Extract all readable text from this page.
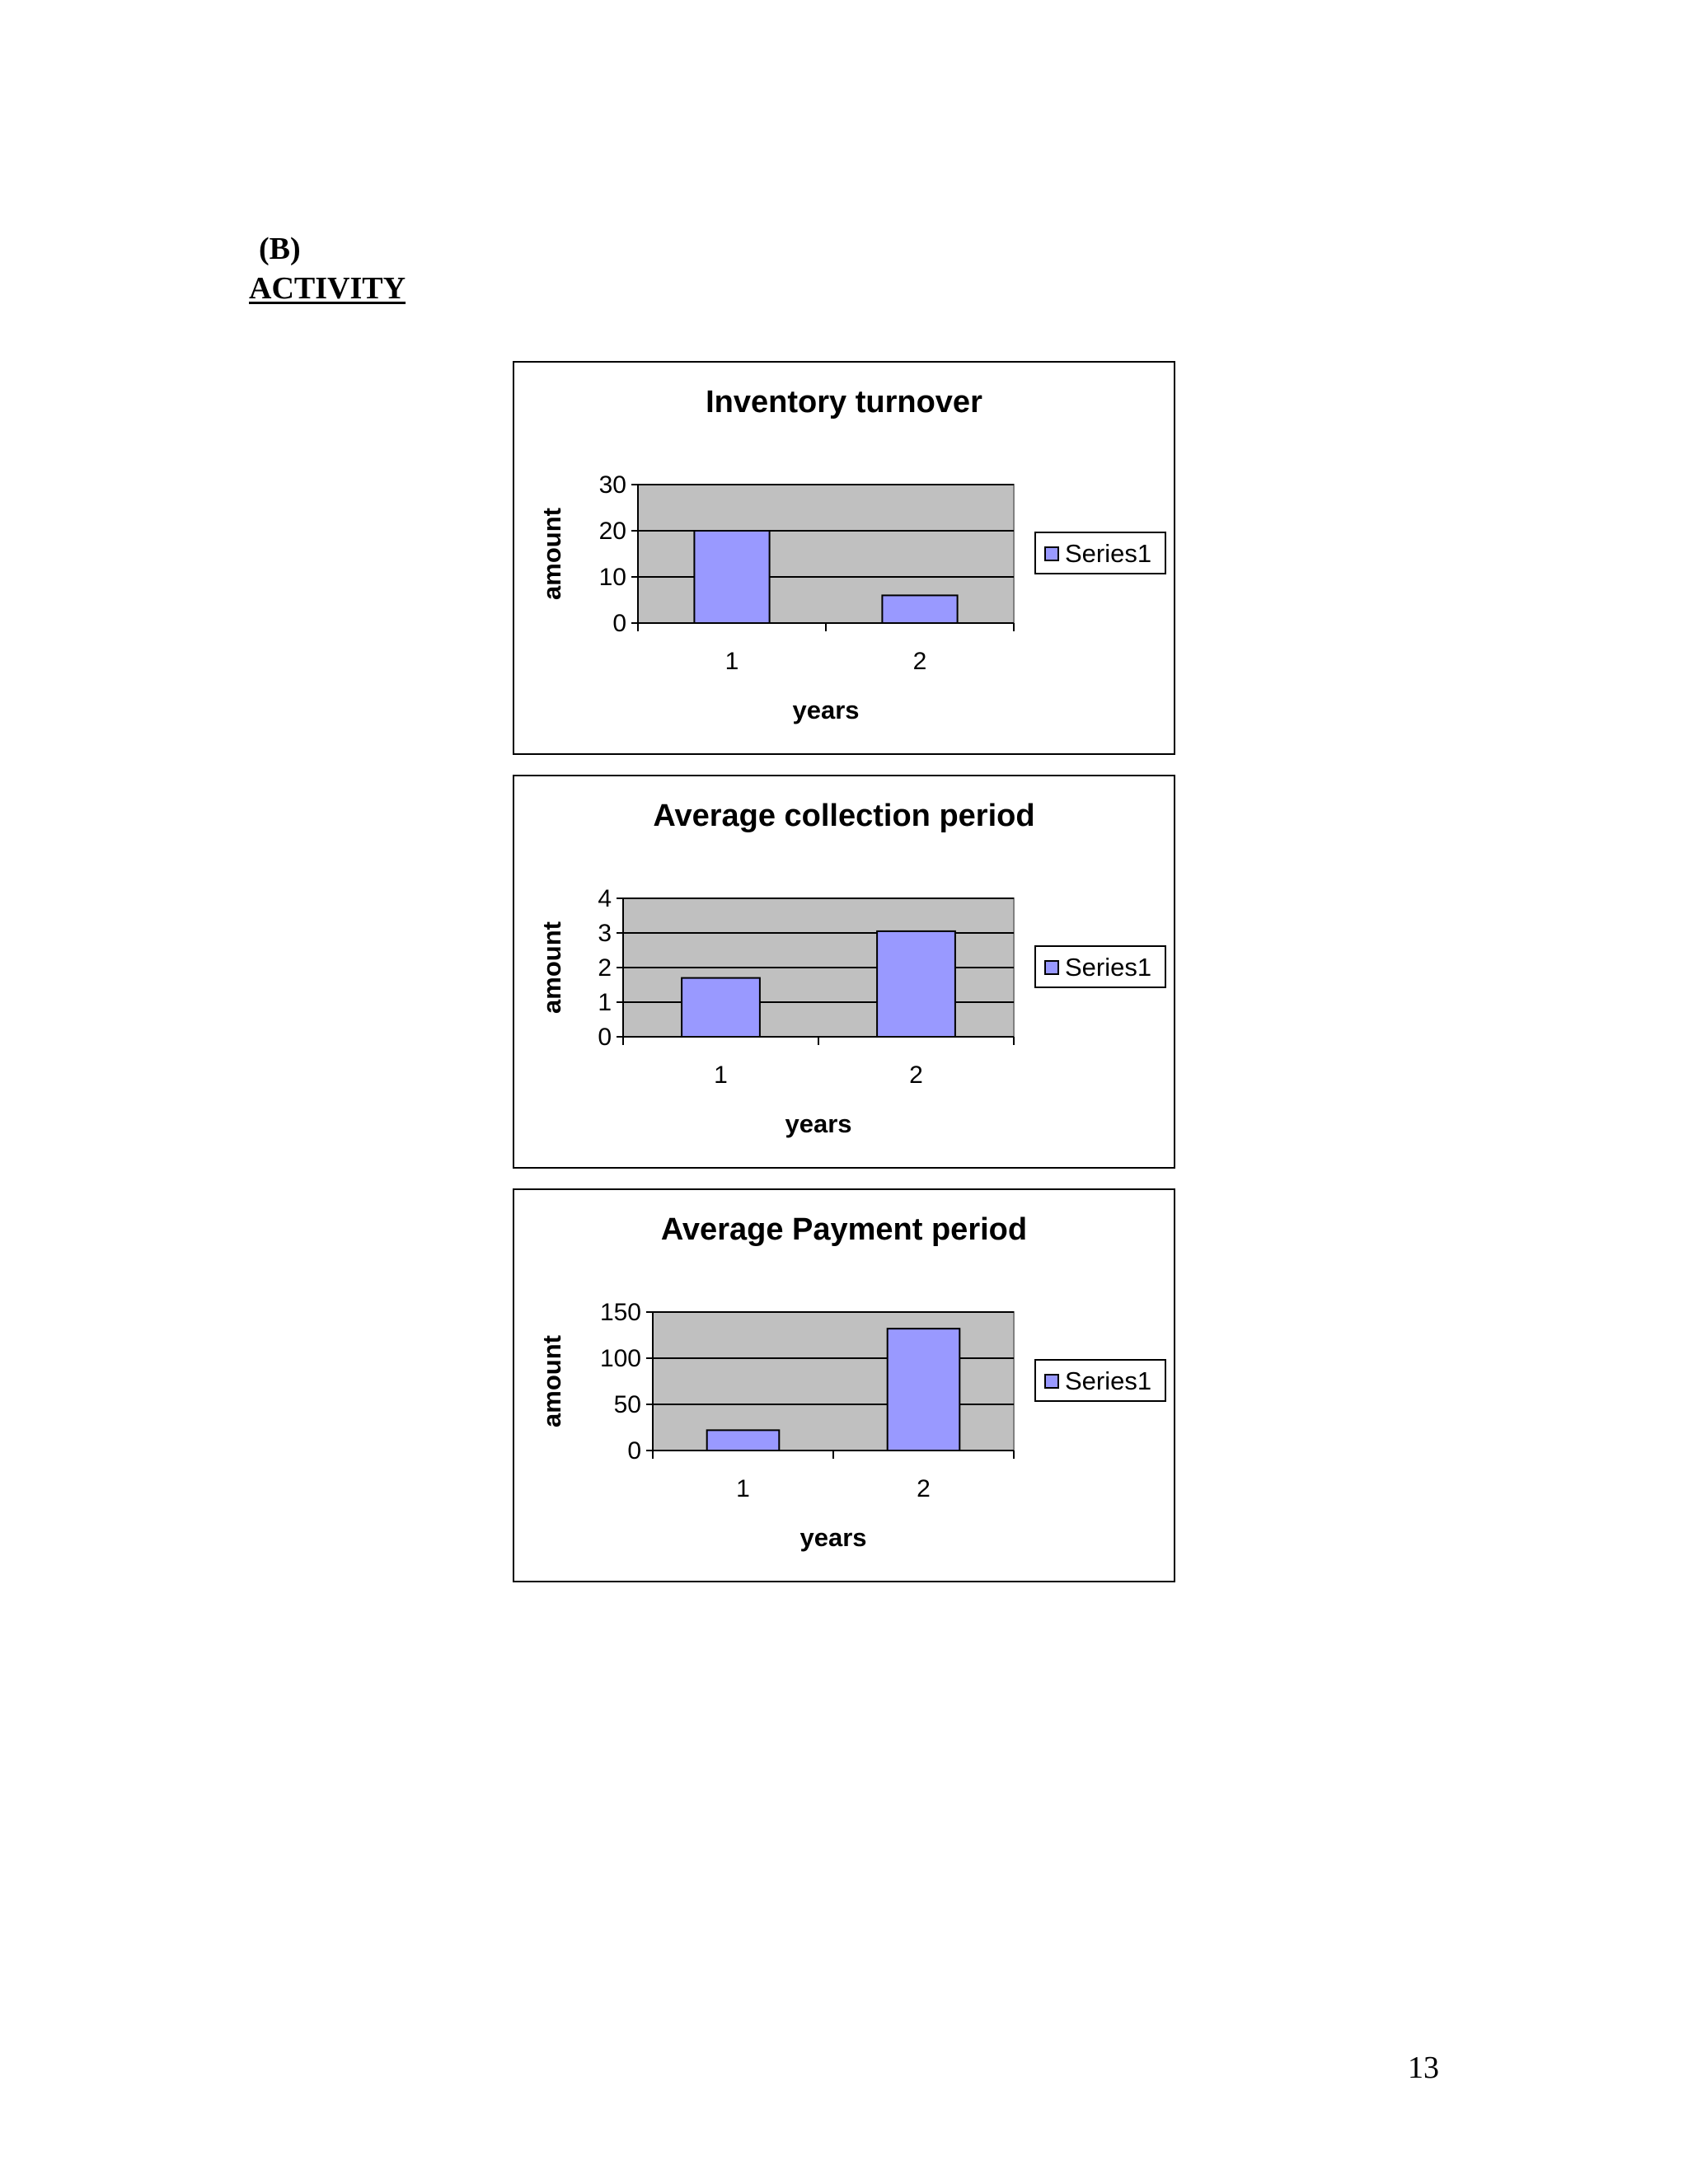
(B)
ACTIVITY
Inventory turnover
0
10
20
30
1	2
years
amount	Series1
Average collection period
0
1
2
3
4
1	2
years
amount	Series1
Average Payment period
0
50
100
150
1	2
years
amount	Series1
13
